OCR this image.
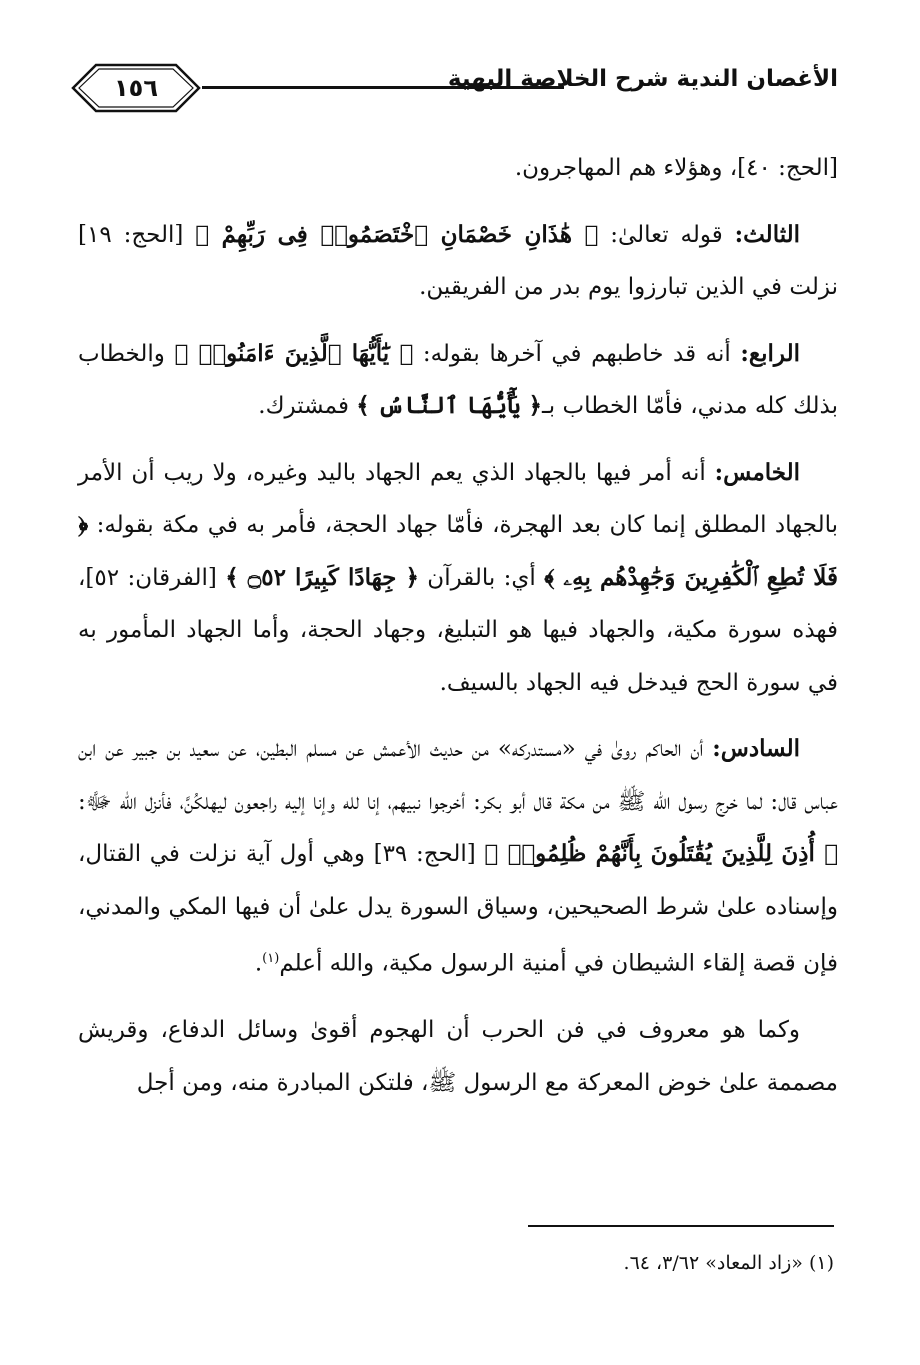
١٥٦	الأغصان الندية شرح الخلاصة البهية

[الحج: ٤٠]، وهؤلاء هم المهاجرون.

الثالث: قوله تعالىٰ: ﴿ هَٰذَانِ خَصْمَانِ ٱخْتَصَمُوا۟ فِى رَبِّهِمْ ﴾ [الحج: ١٩] نزلت في الذين تبارزوا يوم بدر من الفريقين.

الرابع: أنه قد خاطبهم في آخرها بقوله: ﴿ يَٰٓأَيُّهَا ٱلَّذِينَ ءَامَنُوا۟ ﴾ والخطاب بذلك كله مدني، فأمّا الخطاب بـ﴿ يَٰٓأَيُّهَا ٱلنَّاسُ ﴾ فمشترك.

الخامس: أنه أمر فيها بالجهاد الذي يعم الجهاد باليد وغيره، ولا ريب أن الأمر بالجهاد المطلق إنما كان بعد الهجرة، فأمّا جهاد الحجة، فأمر به في مكة بقوله: ﴿ فَلَا تُطِعِ ٱلْكَٰفِرِينَ وَجَٰهِدْهُم بِهِۦ ﴾ أي: بالقرآن ﴿ جِهَادًا كَبِيرًا ۝٥٢ ﴾ [الفرقان: ٥٢]، فهذه سورة مكية، والجهاد فيها هو التبليغ، وجهاد الحجة، وأما الجهاد المأمور به في سورة الحج فيدخل فيه الجهاد بالسيف.

السادس: أن الحاكم روىٰ في «مستدركه» من حديث الأعمش عن مسلم البطين، عن سعيد بن جبير عن ابن عباس قال: لما خرج رسول الله ﷺ من مكة قال أبو بكر: أخرجوا نبيهم، إنا لله وإنا إليه راجعون ليهلكُنَّ، فأنزل الله ﷻ: ﴿ أُذِنَ لِلَّذِينَ يُقَٰتَلُونَ بِأَنَّهُمْ ظُلِمُوا۟ ﴾ [الحج: ٣٩] وهي أول آية نزلت في القتال، وإسناده علىٰ شرط الصحيحين، وسياق السورة يدل علىٰ أن فيها المكي والمدني، فإن قصة إلقاء الشيطان في أمنية الرسول مكية، والله أعلم$^{(١)}$.

وكما هو معروف في فن الحرب أن الهجوم أقوىٰ وسائل الدفاع، وقريش مصممة علىٰ خوض المعركة مع الرسول ﷺ، فلتكن المبادرة منه، ومن أجل

(١) «زاد المعاد» ٣/٦٢، ٦٤.
